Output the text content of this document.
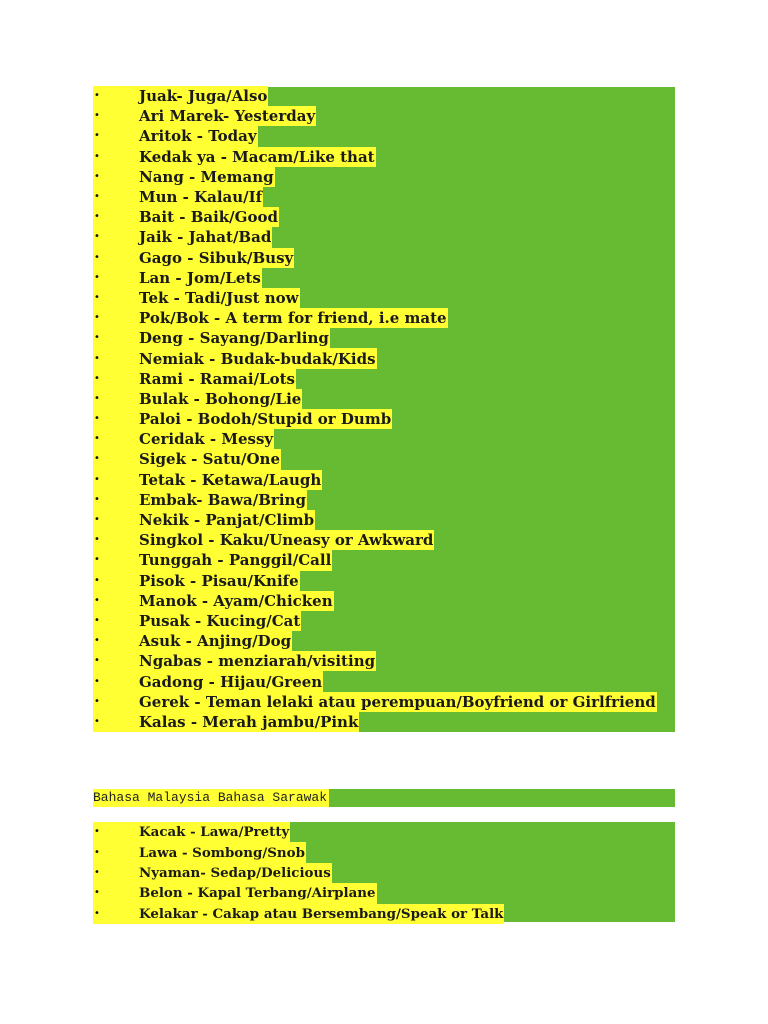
•	Juak- Juga/Also
•	Ari Marek- Yesterday
•	Aritok - Today
•	Kedak ya - Macam/Like that
•	Nang - Memang
•	Mun - Kalau/If
•	Bait - Baik/Good
•	Jaik - Jahat/Bad
•	Gago - Sibuk/Busy
•	Lan - Jom/Lets
•	Tek - Tadi/Just now
•	Pok/Bok - A term for friend, i.e mate
•	Deng - Sayang/Darling
•	Nemiak - Budak-budak/Kids
•	Rami - Ramai/Lots
•	Bulak - Bohong/Lie
•	Paloi - Bodoh/Stupid or Dumb
•	Ceridak - Messy
•	Sigek - Satu/One
•	Tetak - Ketawa/Laugh
•	Embak- Bawa/Bring
•	Nekik - Panjat/Climb
•	Singkol - Kaku/Uneasy or Awkward
•	Tunggah - Panggil/Call
•	Pisok - Pisau/Knife
•	Manok - Ayam/Chicken
•	Pusak - Kucing/Cat
•	Asuk - Anjing/Dog
•	Ngabas - menziarah/visiting
•	Gadong - Hijau/Green
•	Gerek - Teman lelaki atau perempuan/Boyfriend or Girlfriend
•	Kalas - Merah jambu/Pink
Bahasa Malaysia Bahasa Sarawak
•	Kacak - Lawa/Pretty
•	Lawa - Sombong/Snob
•	Nyaman- Sedap/Delicious
•	Belon - Kapal Terbang/Airplane
•	Kelakar - Cakap atau Bersembang/Speak or Talk
